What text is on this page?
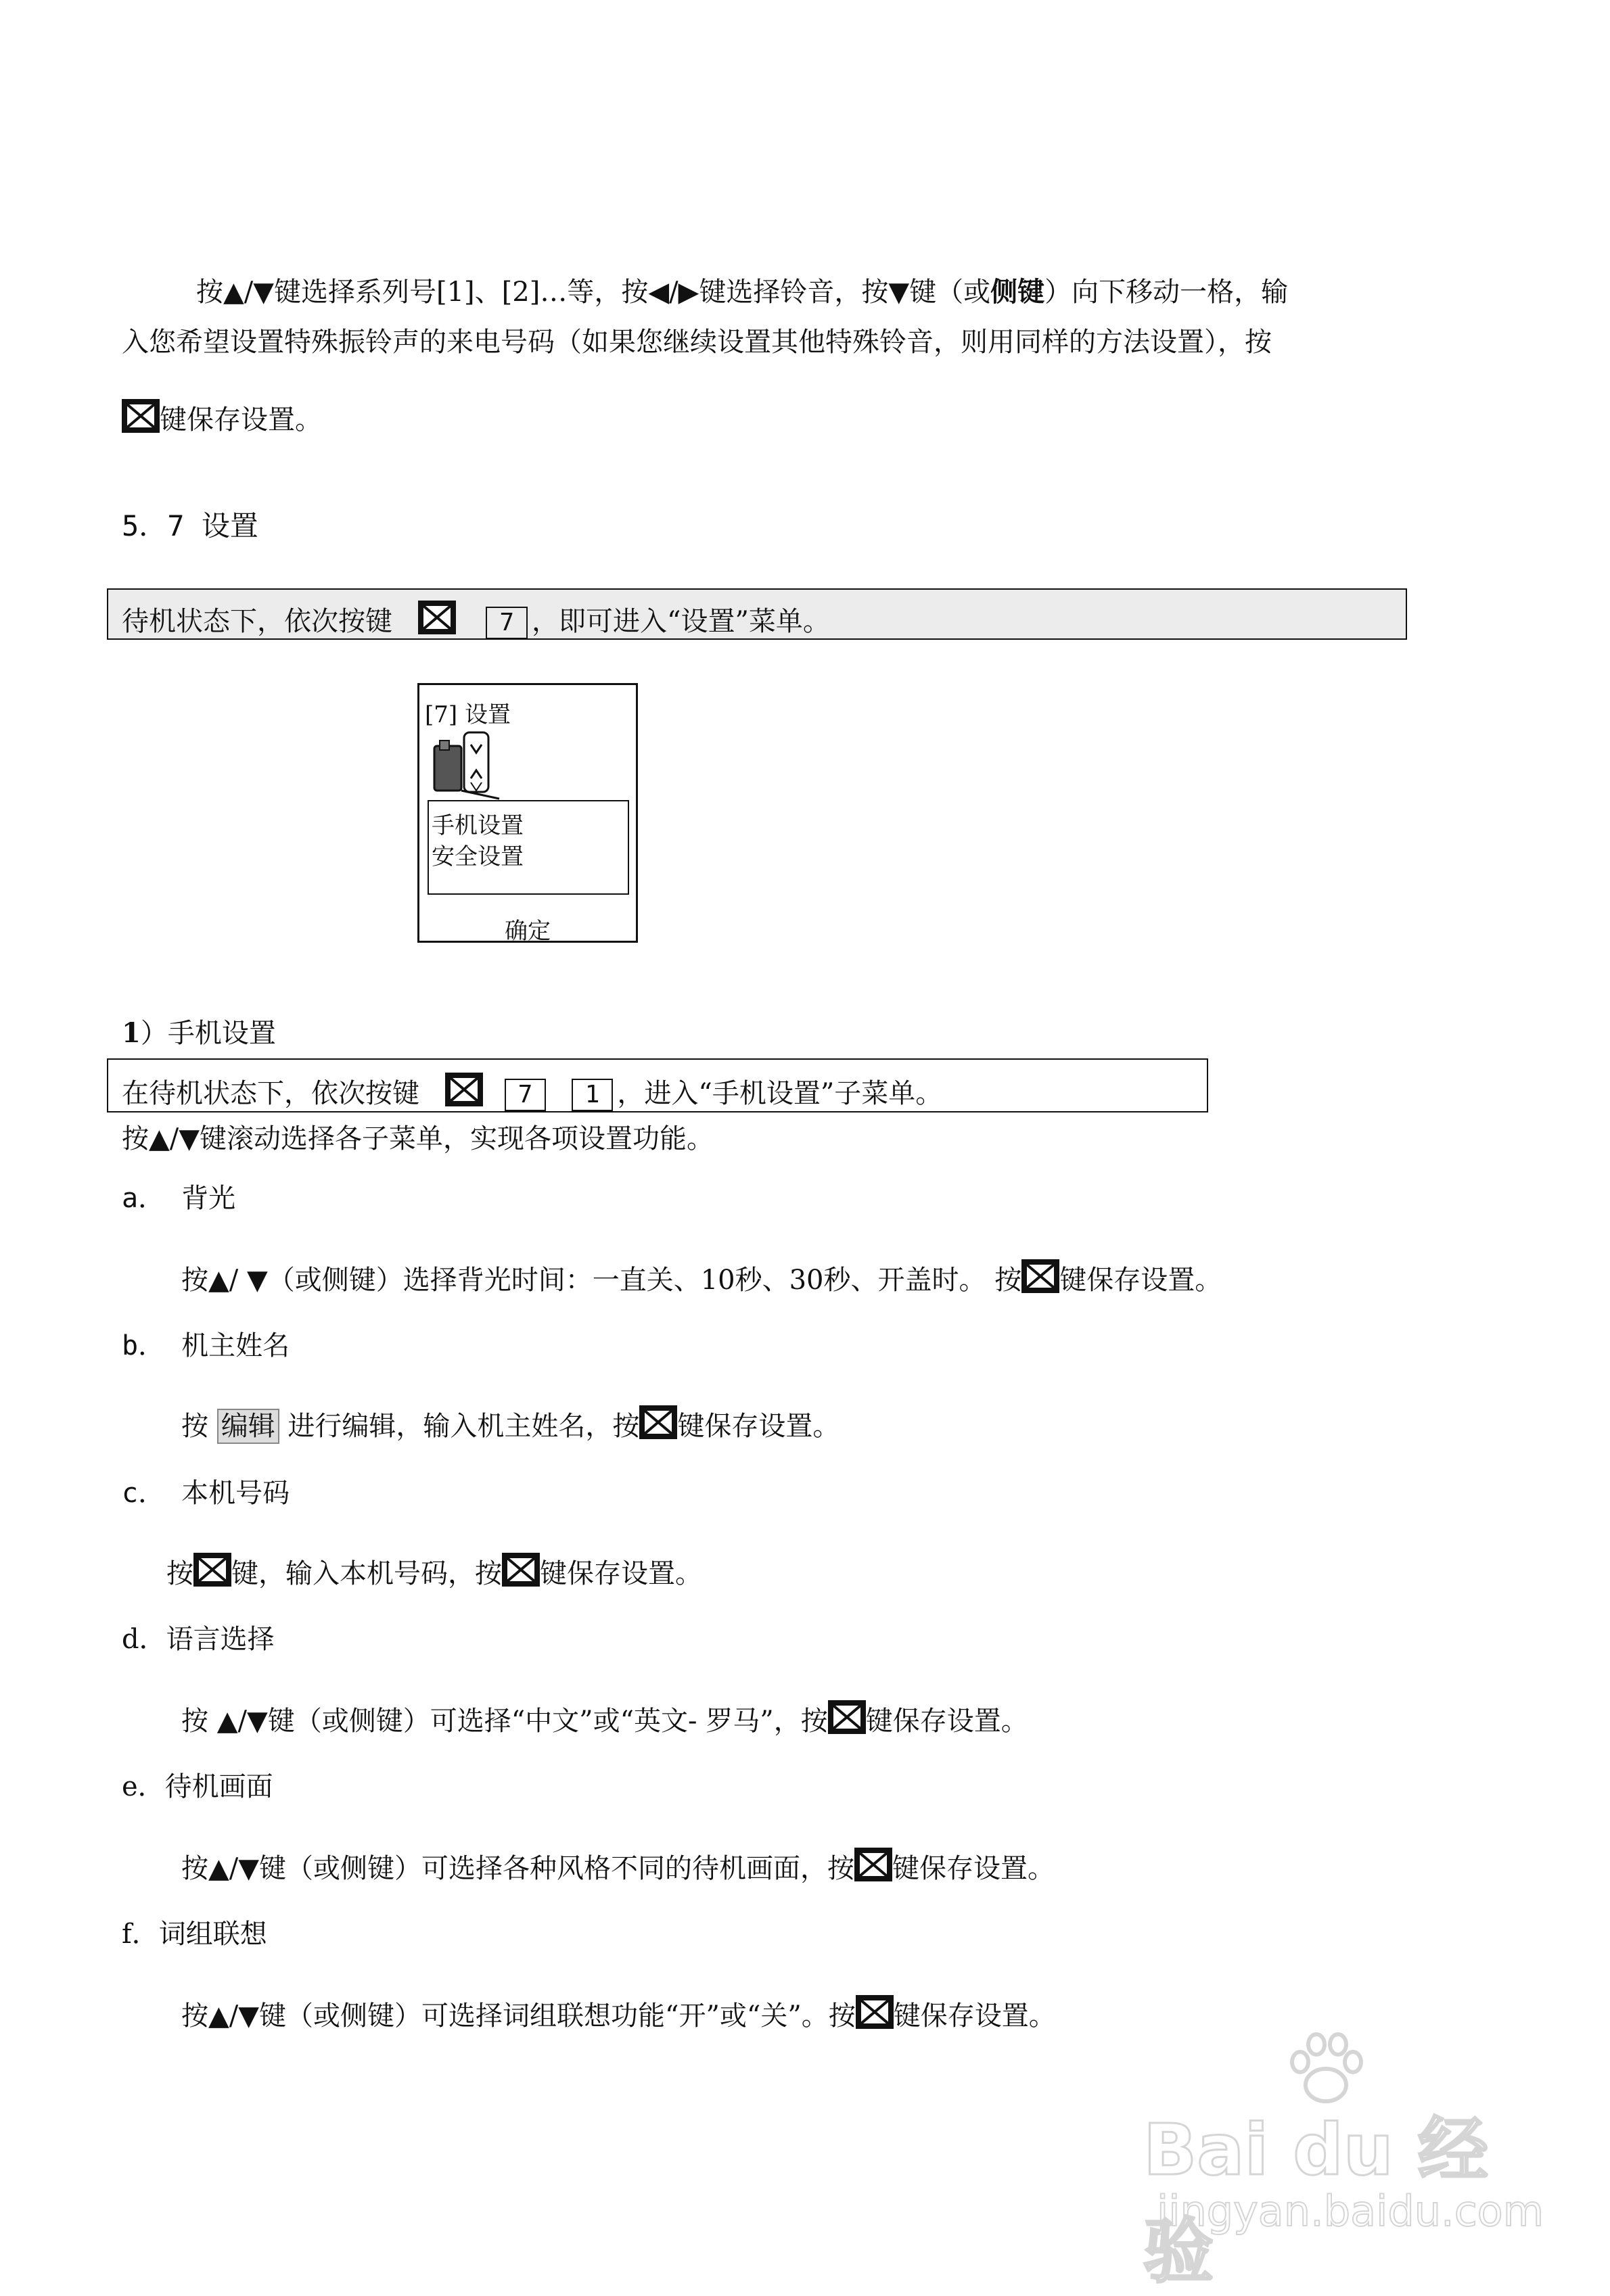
按▲/▼键选择系列号[1]、[2]…等，按◀/▶键选择铃音，按▼键（或侧键）向下移动一格，输
入您希望设置特殊振铃声的来电号码（如果您继续设置其他特殊铃音，则用同样的方法设置），按
键保存设置。
5．7 设置
待机状态下，依次按键	7 ，即可进入“设置”菜单。
[7] 设置
手机设置
安全设置
确定
1）手机设置
在待机状态下，依次按键	7 1 ，进入“手机设置”子菜单。
按▲/▼键滚动选择各子菜单，实现各项设置功能。
a． 背光
按▲/ ▼（或侧键）选择背光时间：一直关、10秒、30秒、开盖时。 按 键保存设置。
b． 机主姓名
按 编辑 进行编辑，输入机主姓名，按 键保存设置。
c． 本机号码
按 键，输入本机号码，按 键保存设置。
d．语言选择
按 ▲/▼键（或侧键）可选择“中文”或“英文- 罗马”，按 键保存设置。
e．待机画面
按▲/▼键（或侧键）可选择各种风格不同的待机画面，按 键保存设置。
f．词组联想
按▲/▼键（或侧键）可选择词组联想功能“开”或“关”。按 键保存设置。
Bai du 经验
jingyan.baidu.com
